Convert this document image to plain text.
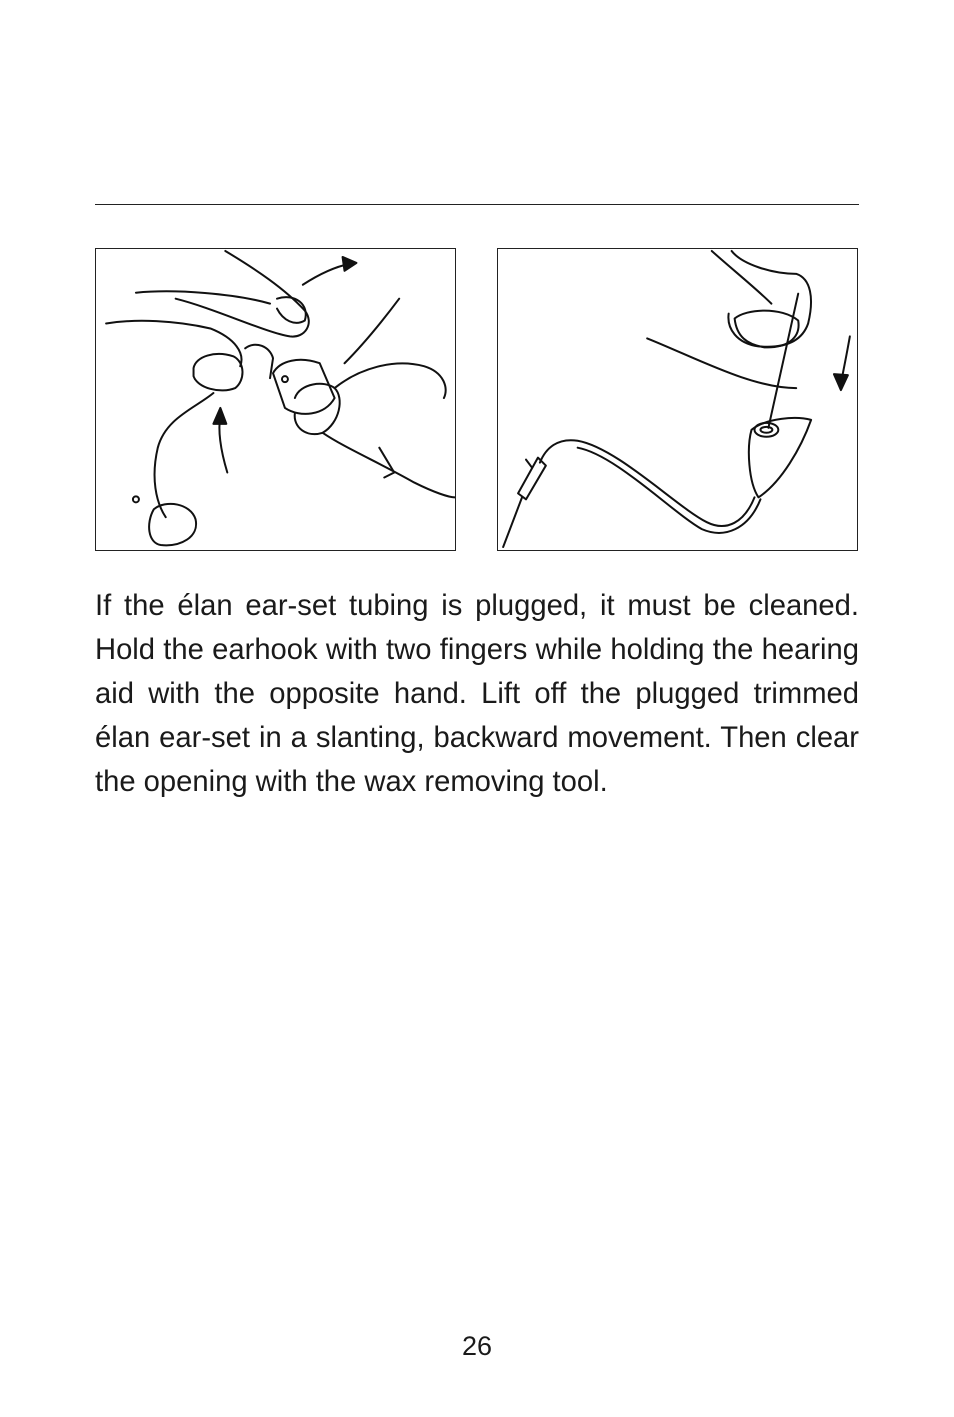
If the élan ear-set tubing is plugged, it must be cleaned. Hold the earhook with two fingers while holding the hearing aid with the opposite hand. Lift off the plugged trimmed élan ear-set in a slanting, backward movement. Then clear the opening with the wax removing tool.

26
